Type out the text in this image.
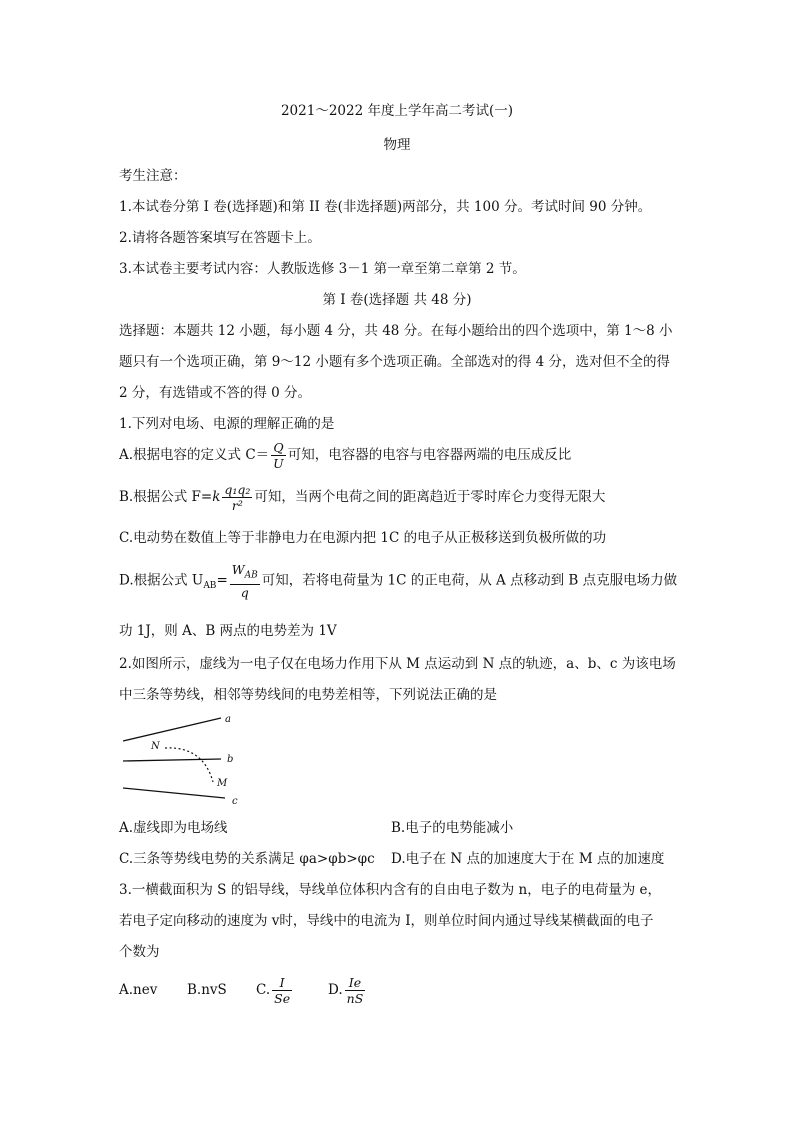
2021～2022 年度上学年高二考试(一)
物理
考生注意：
1.本试卷分第 I 卷(选择题)和第 II 卷(非选择题)两部分，共 100 分。考试时间 90 分钟。
2.请将各题答案填写在答题卡上。
3.本试卷主要考试内容：人教版选修 3－1 第一章至第二章第 2 节。
第 I 卷(选择题 共 48 分)
选择题：本题共 12 小题，每小题 4 分，共 48 分。在每小题给出的四个选项中，第 1～8 小
题只有一个选项正确，第 9～12 小题有多个选项正确。全部选对的得 4 分，选对但不全的得
2 分，有选错或不答的得 0 分。
1.下列对电场、电源的理解正确的是
A.根据电容的定义式 $C= \frac{Q}{U}$ 可知，电容器的电容与电容器两端的电压成反比
B.根据公式 $F=k \frac{\text{q₁q₂}}{\text{r²}}$ 可知，当两个电荷之间的距离趋近于零时库仑力变得无限大
C.电动势在数值上等于非静电力在电源内把 1C 的电子从正极移送到负极所做的功
D.根据公式 $U_{AB}= \frac{W_{AB}}{q}$ 可知，若将电荷量为 1C 的正电荷，从 A 点移动到 B 点克服电场力做
功 1J，则 A、B 两点的电势差为 1V
2.如图所示，虚线为一电子仅在电场力作用下从 M 点运动到 N 点的轨迹，a、b、c 为该电场
中三条等势线，相邻等势线间的电势差相等，下列说法正确的是
a
b
c
N
M
A.虚线即为电场线	B.电子的电势能减小
C.三条等势线电势的关系满足 φa>φb>φc D.电子在 N 点的加速度大于在 M 点的加速度
3.一横截面积为 S 的铝导线，导线单位体积内含有的自由电子数为 n，电子的电荷量为 e，
若电子定向移动的速度为 v时，导线中的电流为 I，则单位时间内通过导线某横截面的电子
个数为
A.nev B.nvS C. $\frac{I}{Se}$	D. $\frac{Ie}{nS}$
